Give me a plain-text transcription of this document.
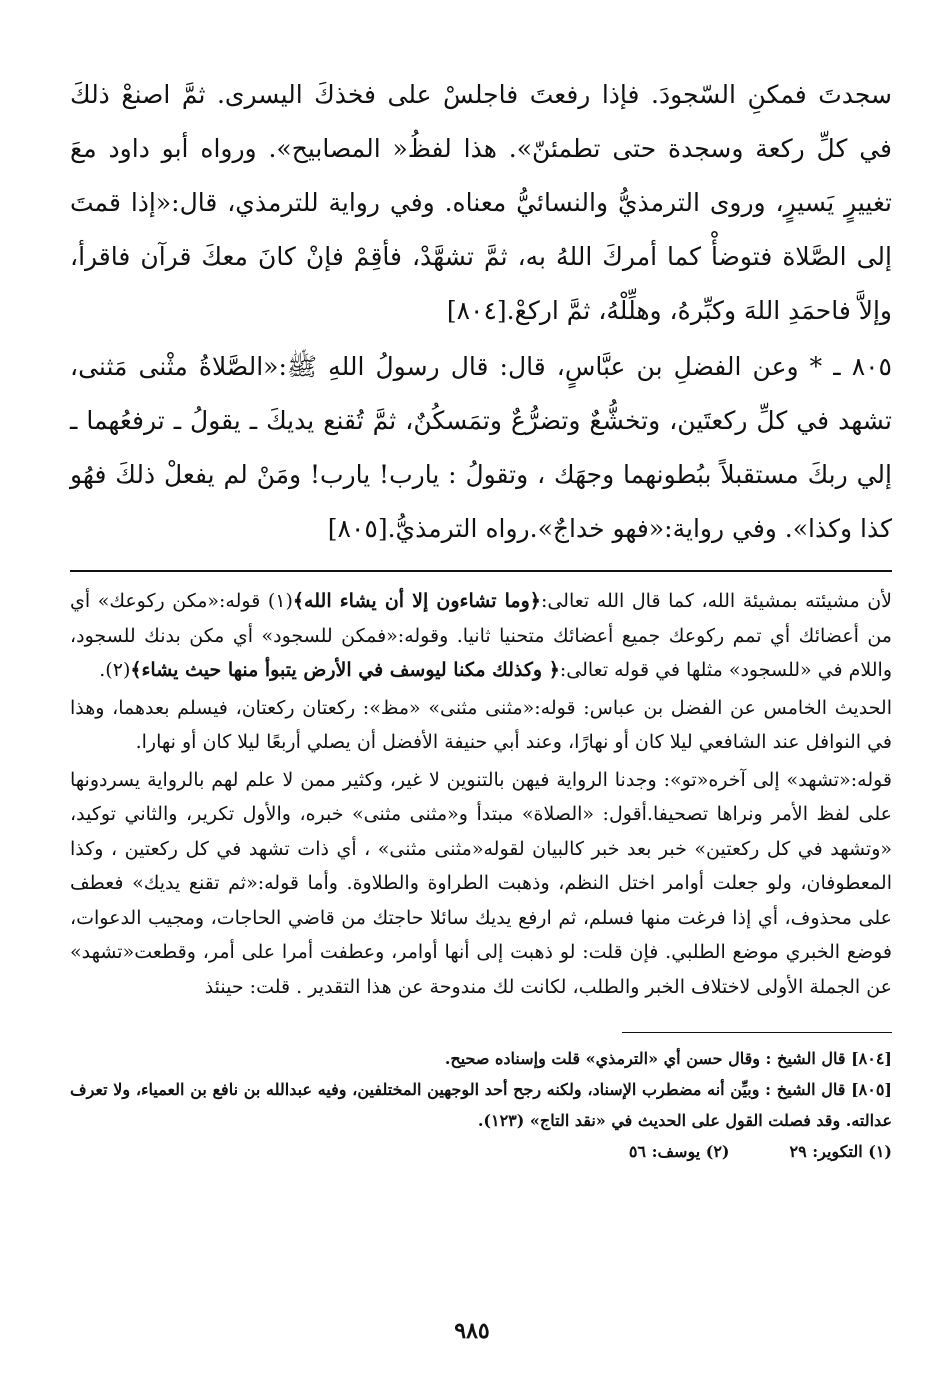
سجدتَ فمكنِ السّجودَ. فإذا رفعتَ فاجلسْ على فخذكَ اليسرى. ثمَّ اصنعْ ذلكَ في كلِّ ركعة وسجدة حتى تطمئنّ». هذا لفظُ« المصابيح». ورواه أبو داود معَ تغييرٍ يَسيرٍ، وروى الترمذيُّ والنسائيُّ معناه. وفي رواية للترمذي، قال:«إذا قمتَ إلى الصَّلاة فتوضأْ كما أمركَ اللهُ به، ثمَّ تشهَّدْ، فأقِمْ فإنْ كانَ معكَ قرآن فاقرأ، وإلاَّ فاحمَدِ اللهَ وكبِّرهُ، وهلِّلْهُ، ثمَّ اركعْ.[٨٠٤]

٨٠٥ ـ * وعن الفضلِ بن عبَّاسٍ، قال: قال رسولُ اللهِ ﷺ:«الصَّلاةُ مثْنى مَثنى، تشهد في كلِّ ركعتَين، وتخشُّعٌ وتضرُّعٌ وتمَسكُنٌ، ثمَّ تُقنع يديكَ ـ يقولُ ـ ترفعُهما ـ إلي ربكَ مستقبلاً ببُطونهما وجهَك ، وتقولُ : يارب! يارب! ومَنْ لم يفعلْ ذلكَ فهُو كذا وكذا». وفي رواية:«فهو خداجٌ».رواه الترمذيُّ.[٨٠٥]

لأن مشيئته بمشيئة الله، كما قال الله تعالى:﴿وما تشاءون إلا أن يشاء الله﴾(١) قوله:«مكن ركوعك» أي من أعضائك أي تمم ركوعك جميع أعضائك متحنيا ثانيا. وقوله:«فمكن للسجود» أي مكن بدنك للسجود، واللام في «للسجود» مثلها في قوله تعالى:﴿ وكذلك مكنا ليوسف في الأرض يتبوأ منها حيث يشاء﴾(٢).

الحديث الخامس عن الفضل بن عباس: قوله:«مثنى مثنى» «مظ»: ركعتان ركعتان، فيسلم بعدهما، وهذا في النوافل عند الشافعي ليلا كان أو نهارًا، وعند أبي حنيفة الأفضل أن يصلي أربعًا ليلا كان أو نهارا.

قوله:«تشهد» إلى آخره«تو»: وجدنا الرواية فيهن بالتنوين لا غير، وكثير ممن لا علم لهم بالرواية يسردونها على لفظ الأمر ونراها تصحيفا.أقول: «الصلاة» مبتدأ و«مثنى مثنى» خبره، والأول تكرير، والثاني توكيد، «وتشهد في كل ركعتين» خبر بعد خبر كالبيان لقوله«مثنى مثنى» ، أي ذات تشهد في كل ركعتين ، وكذا المعطوفان، ولو جعلت أوامر اختل النظم، وذهبت الطراوة والطلاوة. وأما قوله:«ثم تقنع يديك» فعطف على محذوف، أي إذا فرغت منها فسلم، ثم ارفع يديك سائلا حاجتك من قاضي الحاجات، ومجيب الدعوات، فوضع الخبري موضع الطلبي. فإن قلت: لو ذهبت إلى أنها أوامر، وعطفت أمرا على أمر، وقطعت«تشهد» عن الجملة الأولى لاختلاف الخبر والطلب، لكانت لك مندوحة عن هذا التقدير . قلت: حينئذ

[٨٠٤] قال الشيخ : وقال حسن أي «الترمذي» قلت وإسناده صحيح.

[٨٠٥] قال الشيخ : وبيِّن أنه مضطرب الإسناد، ولكنه رجح أحد الوجهين المختلفين، وفيه عبدالله بن نافع بن العمياء، ولا تعرف عدالته. وقد فصلت القول على الحديث في «نقد التاج» (١٢٣).

(١) التكوير: ٢٩
(٢) يوسف: ٥٦
٩٨٥
